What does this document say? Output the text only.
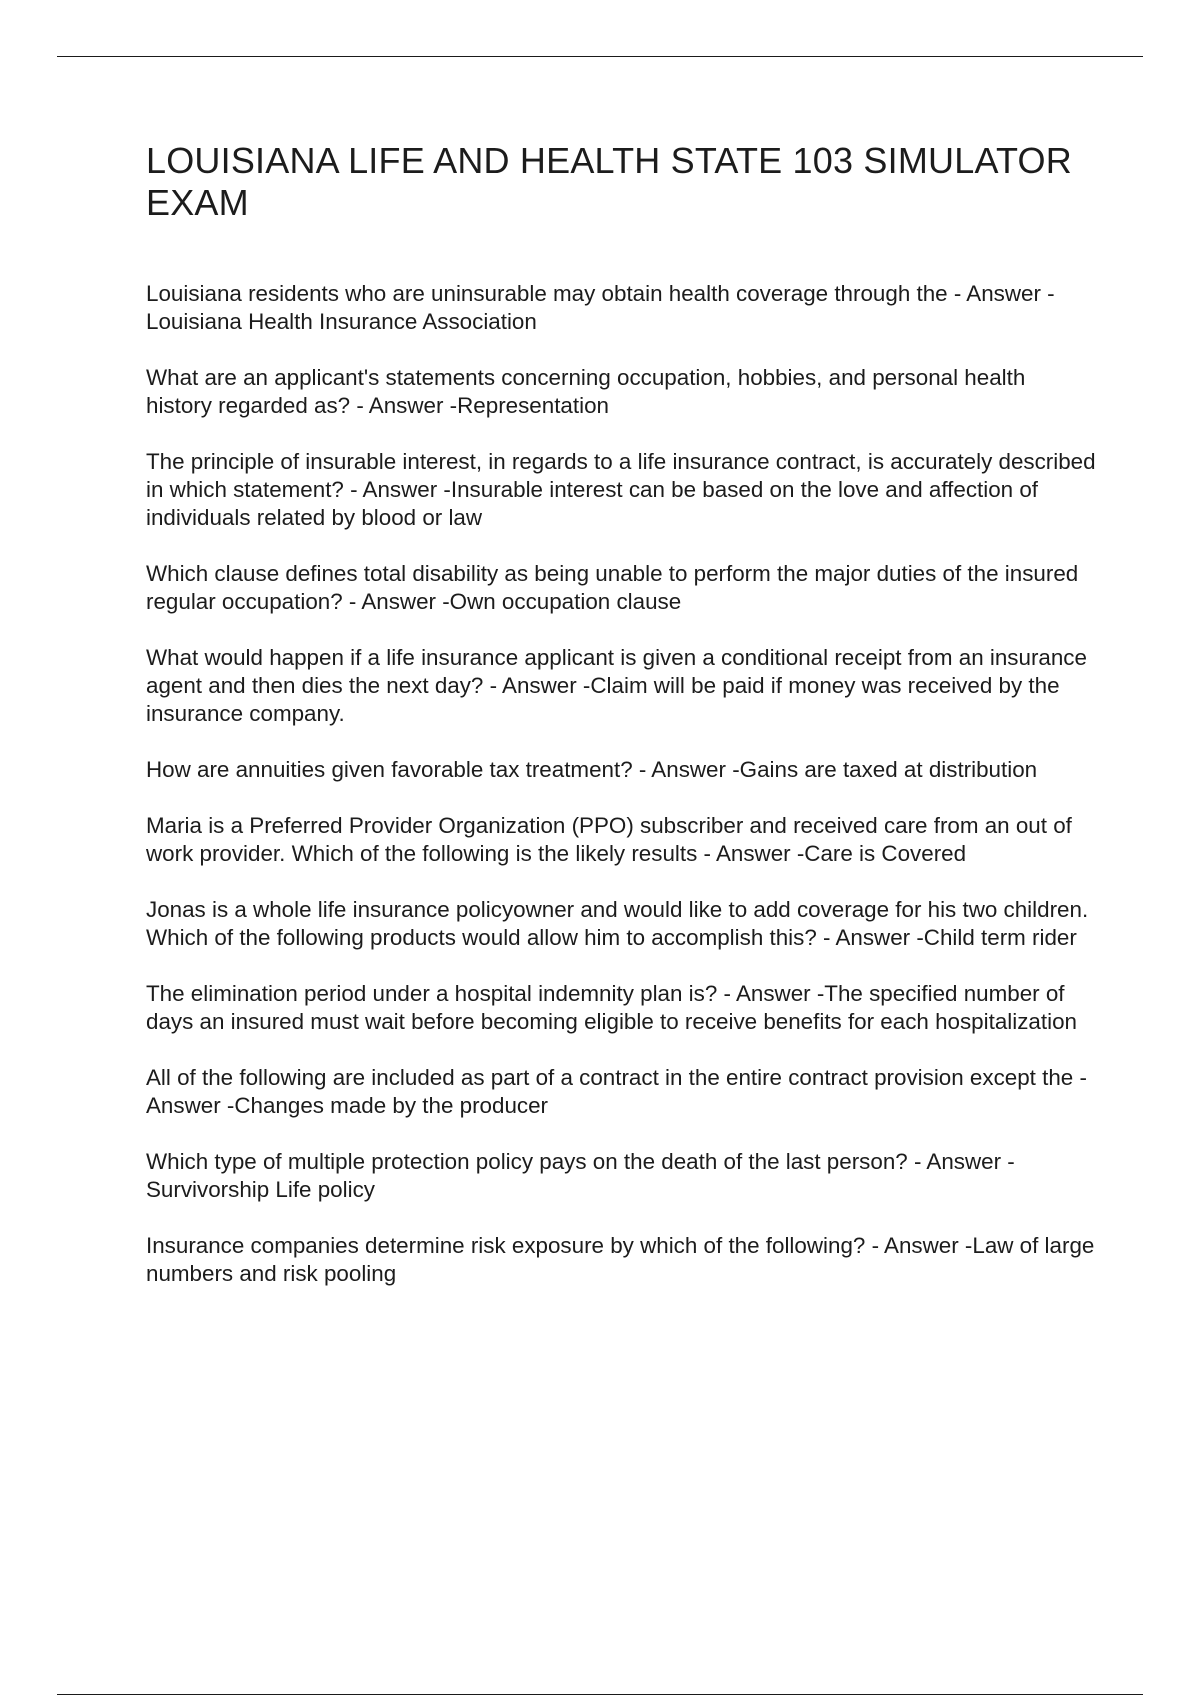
LOUISIANA LIFE AND HEALTH STATE 103 SIMULATOR EXAM
Louisiana residents who are uninsurable may obtain health coverage through the - Answer -Louisiana Health Insurance Association
What are an applicant's statements concerning occupation, hobbies, and personal health history regarded as? - Answer -Representation
The principle of insurable interest, in regards to a life insurance contract, is accurately described in which statement? - Answer -Insurable interest can be based on the love and affection of individuals related by blood or law
Which clause defines total disability as being unable to perform the major duties of the insured regular occupation? - Answer -Own occupation clause
What would happen if a life insurance applicant is given a conditional receipt from an insurance agent and then dies the next day? - Answer -Claim will be paid if money was received by the insurance company.
How are annuities given favorable tax treatment? - Answer -Gains are taxed at distribution
Maria is a Preferred Provider Organization (PPO) subscriber and received care from an out of work provider. Which of the following is the likely results - Answer -Care is Covered
Jonas is a whole life insurance policyowner and would like to add coverage for his two children. Which of the following products would allow him to accomplish this? - Answer -Child term rider
The elimination period under a hospital indemnity plan is? - Answer -The specified number of days an insured must wait before becoming eligible to receive benefits for each hospitalization
All of the following are included as part of a contract in the entire contract provision except the - Answer -Changes made by the producer
Which type of multiple protection policy pays on the death of the last person? - Answer -Survivorship Life policy
Insurance companies determine risk exposure by which of the following? - Answer -Law of large numbers and risk pooling
